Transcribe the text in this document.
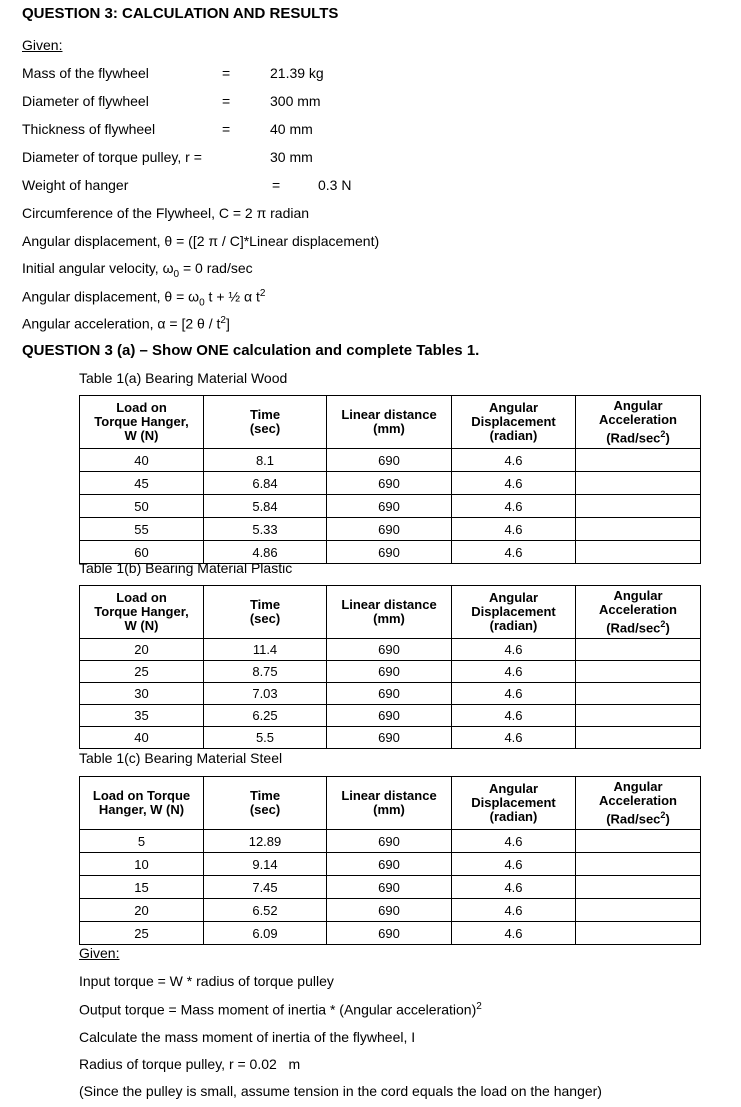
QUESTION 3: CALCULATION AND RESULTS
Given:
Mass of the flywheel	=	21.39 kg
Diameter of flywheel	=	300 mm
Thickness of flywheel	=	40 mm
Diameter of torque pulley, r =	30 mm
Weight of hanger	=	0.3 N
Circumference of the Flywheel, C = 2 π radian
Angular displacement, θ = ([2 π / C]*Linear displacement)
Initial angular velocity, $\omega_0 = 0$ rad/sec
Angular displacement, $\theta = \omega_0$ t + ½ α $t^2$
Angular acceleration, α = [2 θ / $t^2$]
QUESTION 3 (a) – Show ONE calculation and complete Tables 1.
Table 1(a) Bearing Material Wood
Load on
Torque Hanger,
W (N)	Time
(sec)	Linear distance
(mm)	Angular
Displacement
(radian)	Angular
Acceleration
$(Rad/\sec^2)$
40	8.1	690	4.6	
45	6.84	690	4.6	
50	5.84	690	4.6	
55	5.33	690	4.6	
60	4.86	690	4.6	
Table 1(b) Bearing Material Plastic
Load on
Torque Hanger,
W (N)	Time
(sec)	Linear distance
(mm)	Angular
Displacement
(radian)	Angular
Acceleration
$(Rad/\sec^2)$
20	11.4	690	4.6	
25	8.75	690	4.6	
30	7.03	690	4.6	
35	6.25	690	4.6	
40	5.5	690	4.6	
Table 1(c) Bearing Material Steel
Load on Torque
Hanger, W (N)	Time
(sec)	Linear distance
(mm)	Angular
Displacement
(radian)	Angular
Acceleration
$(Rad/\sec^2)$
5	12.89	690	4.6	
10	9.14	690	4.6	
15	7.45	690	4.6	
20	6.52	690	4.6	
25	6.09	690	4.6	
Given:
Input torque = W * radius of torque pulley
Output torque = Mass moment of inertia * (Angular acceleration)$^2$
Calculate the mass moment of inertia of the flywheel, I
Radius of torque pulley, r = 0.02   m
(Since the pulley is small, assume tension in the cord equals the load on the hanger)
